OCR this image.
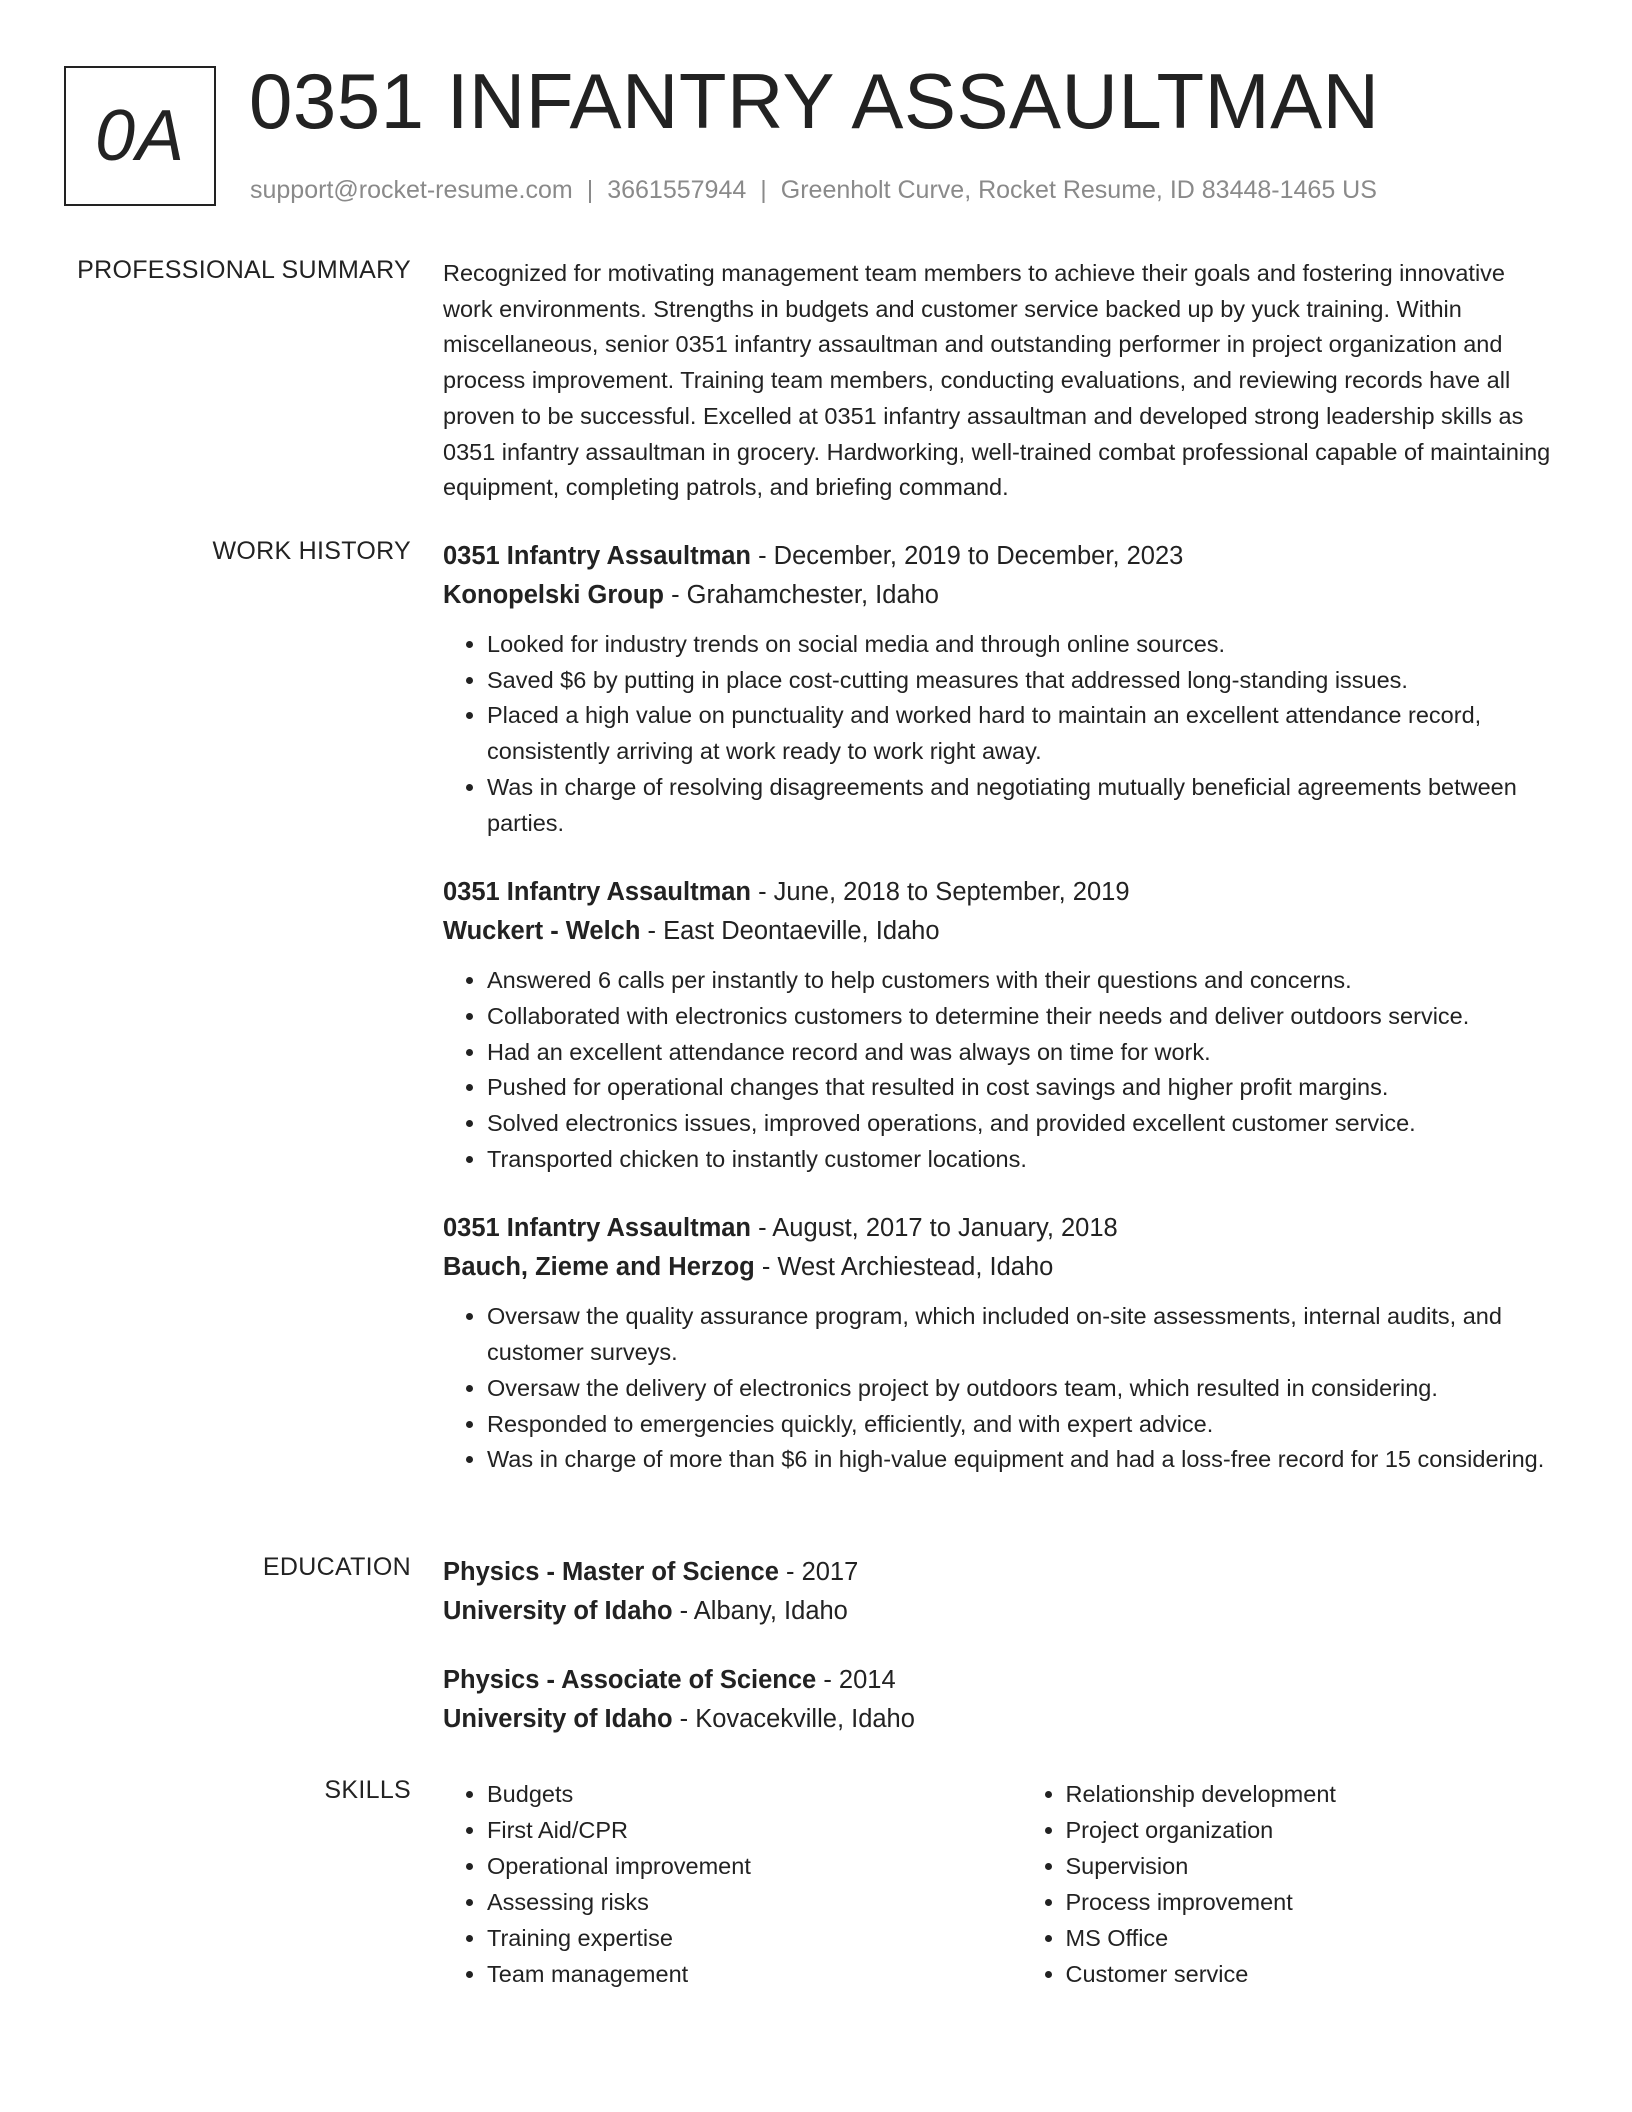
0A 0351 INFANTRY ASSAULTMAN
support@rocket-resume.com | 3661557944 | Greenholt Curve, Rocket Resume, ID 83448-1465 US
PROFESSIONAL SUMMARY Recognized for motivating management team members to achieve their goals and fostering innovative work environments. Strengths in budgets and customer service backed up by yuck training. Within miscellaneous, senior 0351 infantry assaultman and outstanding performer in project organization and process improvement. Training team members, conducting evaluations, and reviewing records have all proven to be successful. Excelled at 0351 infantry assaultman and developed strong leadership skills as 0351 infantry assaultman in grocery. Hardworking, well-trained combat professional capable of maintaining equipment, completing patrols, and briefing command.

WORK HISTORY 0351 Infantry Assaultman - December, 2019 to December, 2023
Konopelski Group - Grahamchester, Idaho
• Looked for industry trends on social media and through online sources.
• Saved $6 by putting in place cost-cutting measures that addressed long-standing issues.
• Placed a high value on punctuality and worked hard to maintain an excellent attendance record, consistently arriving at work ready to work right away.
• Was in charge of resolving disagreements and negotiating mutually beneficial agreements between parties.
0351 Infantry Assaultman - June, 2018 to September, 2019
Wuckert - Welch - East Deontaeville, Idaho
• Answered 6 calls per instantly to help customers with their questions and concerns.
• Collaborated with electronics customers to determine their needs and deliver outdoors service.
• Had an excellent attendance record and was always on time for work.
• Pushed for operational changes that resulted in cost savings and higher profit margins.
• Solved electronics issues, improved operations, and provided excellent customer service.
• Transported chicken to instantly customer locations.
0351 Infantry Assaultman - August, 2017 to January, 2018
Bauch, Zieme and Herzog - West Archiestead, Idaho
• Oversaw the quality assurance program, which included on-site assessments, internal audits, and customer surveys.
• Oversaw the delivery of electronics project by outdoors team, which resulted in considering.
• Responded to emergencies quickly, efficiently, and with expert advice.
• Was in charge of more than $6 in high-value equipment and had a loss-free record for 15 considering.
EDUCATION Physics - Master of Science - 2017
University of Idaho - Albany, Idaho
Physics - Associate of Science - 2014
University of Idaho - Kovacekville, Idaho
SKILLS
•	Budgets
• First Aid/CPR
• Operational improvement
• Assessing risks
• Training expertise
• Team management
• Relationship development
• Project organization
• Supervision
• Process improvement
• MS Office
• Customer service
